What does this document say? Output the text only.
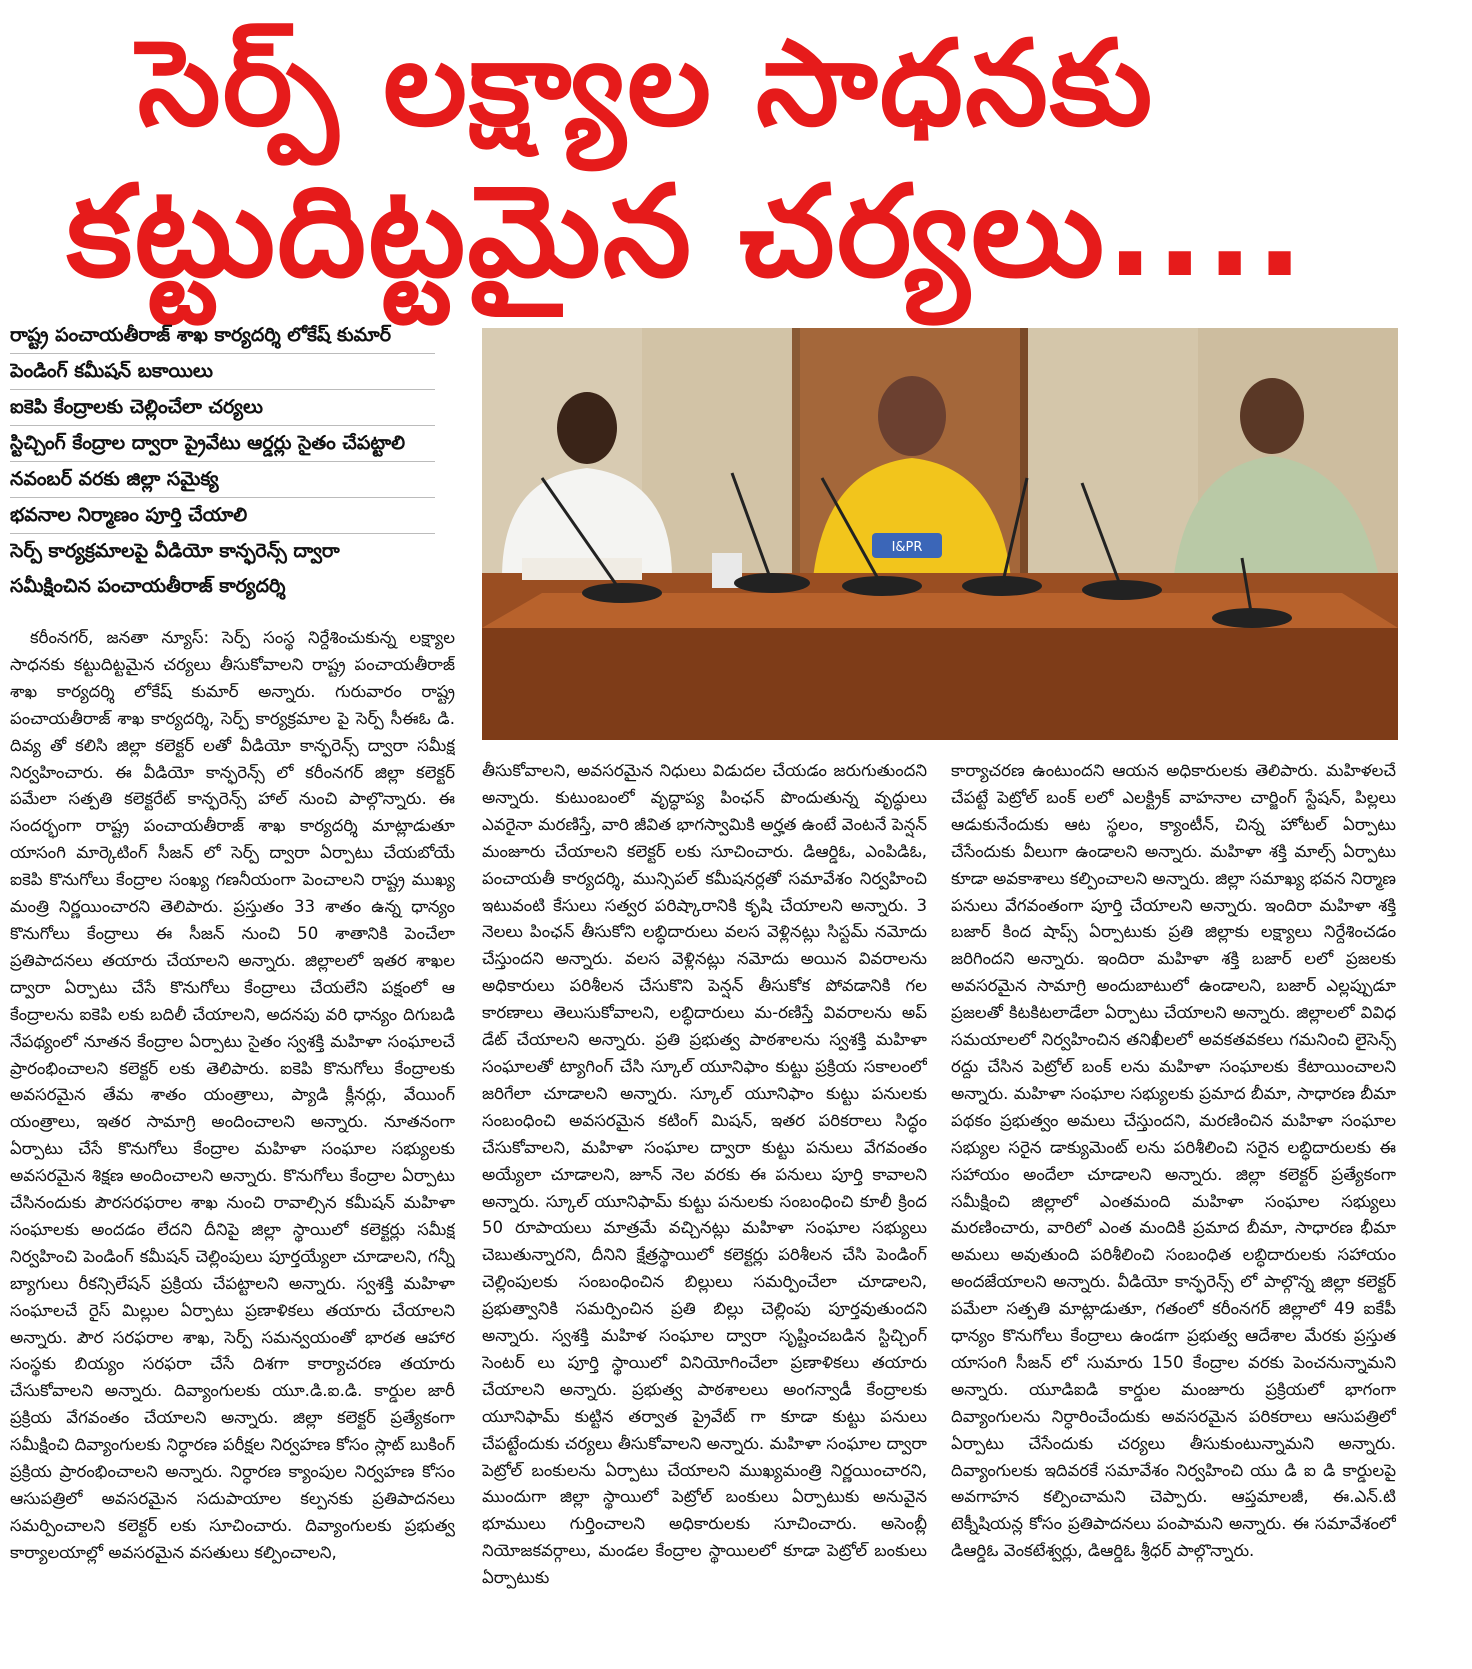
సెర్ప్ లక్ష్యాల సాధనకు
కట్టుదిట్టమైన చర్యలు....
రాష్ట్ర పంచాయతీరాజ్ శాఖ కార్యదర్శి లోకేష్ కుమార్
పెండింగ్ కమీషన్ బకాయిలు
ఐకెపి కేంద్రాలకు చెల్లించేలా చర్యలు
స్టిచ్చింగ్ కేంద్రాల ద్వారా ప్రైవేటు ఆర్డర్లు సైతం చేపట్టాలి
నవంబర్ వరకు జిల్లా సమైక్య
భవనాల నిర్మాణం పూర్తి చేయాలి
సెర్ప్ కార్యక్రమాలపై వీడియో కాన్ఫరెన్స్ ద్వారా
సమీక్షించిన పంచాయతీరాజ్ కార్యదర్శి
I&PR
కరీంనగర్, జనతా న్యూస్: సెర్ప్ సంస్థ నిర్దేశించుకున్న లక్ష్యాల సాధనకు కట్టుదిట్టమైన చర్యలు తీసుకోవాలని రాష్ట్ర పంచాయతీరాజ్ శాఖ కార్యదర్శి లోకేష్ కుమార్ అన్నారు. గురువారం రాష్ట్ర పంచాయతీరాజ్ శాఖ కార్యదర్శి, సెర్ప్ కార్యక్రమాల పై సెర్ప్ సీఈఓ డి. దివ్య తో కలిసి జిల్లా కలెక్టర్ లతో వీడియో కాన్ఫరెన్స్ ద్వారా సమీక్ష నిర్వహించారు. ఈ వీడియో కాన్ఫరెన్స్ లో కరీంనగర్ జిల్లా కలెక్టర్ పమేలా సత్పతి కలెక్టరేట్ కాన్ఫరెన్స్ హాల్ నుంచి పాల్గొన్నారు. ఈ సందర్భంగా రాష్ట్ర పంచాయతీరాజ్ శాఖ కార్యదర్శి మాట్లాడుతూ యాసంగి మార్కెటింగ్ సీజన్ లో సెర్ప్ ద్వారా ఏర్పాటు చేయబోయే ఐకెపి కొనుగోలు కేంద్రాల సంఖ్య గణనీయంగా పెంచాలని రాష్ట్ర ముఖ్య మంత్రి నిర్ణయించారని తెలిపారు. ప్రస్తుతం 33 శాతం ఉన్న ధాన్యం కొనుగోలు కేంద్రాలు ఈ సీజన్ నుంచి 50 శాతానికి పెంచేలా ప్రతిపాదనలు తయారు చేయాలని అన్నారు. జిల్లాలలో ఇతర శాఖల ద్వారా ఏర్పాటు చేసే కొనుగోలు కేంద్రాలు చేయలేని పక్షంలో ఆ కేంద్రాలను ఐకెపి లకు బదిలీ చేయాలని, అదనపు వరి ధాన్యం దిగుబడి నేపథ్యంలో నూతన కేంద్రాల ఏర్పాటు సైతం స్వశక్తి మహిళా సంఘాలచే ప్రారంభించాలని కలెక్టర్ లకు తెలిపారు. ఐకెపి కొనుగోలు కేంద్రాలకు అవసరమైన తేమ శాతం యంత్రాలు, ప్యాడి క్లీనర్లు, వేయింగ్ యంత్రాలు, ఇతర సామాగ్రి అందించాలని అన్నారు. నూతనంగా ఏర్పాటు చేసే కొనుగోలు కేంద్రాల మహిళా సంఘాల సభ్యులకు అవసరమైన శిక్షణ అందించాలని అన్నారు. కొనుగోలు కేంద్రాల ఏర్పాటు చేసినందుకు పౌరసరఫరాల శాఖ నుంచి రావాల్సిన కమీషన్ మహిళా సంఘాలకు అందడం లేదని దీనిపై జిల్లా స్థాయిలో కలెక్టర్లు సమీక్ష నిర్వహించి పెండింగ్ కమీషన్ చెల్లింపులు పూర్తయ్యేలా చూడాలని, గన్నీ బ్యాగులు రీకన్సిలేషన్ ప్రక్రియ చేపట్టాలని అన్నారు. స్వశక్తి మహిళా సంఘాలచే రైస్ మిల్లుల ఏర్పాటు ప్రణాళికలు తయారు చేయాలని అన్నారు. పౌర సరఫరాల శాఖ, సెర్ప్ సమన్వయంతో భారత ఆహార సంస్థకు బియ్యం సరఫరా చేసే దిశగా కార్యాచరణ తయారు చేసుకోవాలని అన్నారు. దివ్యాంగులకు యూ.డి.ఐ.డి. కార్డుల జారీ ప్రక్రియ వేగవంతం చేయాలని అన్నారు. జిల్లా కలెక్టర్ ప్రత్యేకంగా సమీక్షించి దివ్యాంగులకు నిర్ధారణ పరీక్షల నిర్వహణ కోసం స్లాట్ బుకింగ్ ప్రక్రియ ప్రారంభించాలని అన్నారు. నిర్ధారణ క్యాంపుల నిర్వహణ కోసం ఆసుపత్రిలో అవసరమైన సదుపాయాల కల్పనకు ప్రతిపాదనలు సమర్పించాలని కలెక్టర్ లకు సూచించారు. దివ్యాంగులకు ప్రభుత్వ కార్యాలయాల్లో అవసరమైన వసతులు కల్పించాలని,
తీసుకోవాలని, అవసరమైన నిధులు విడుదల చేయడం జరుగుతుందని అన్నారు. కుటుంబంలో వృద్ధాప్య పింఛన్ పొందుతున్న వృద్ధులు ఎవరైనా మరణిస్తే, వారి జీవిత భాగస్వామికి అర్హత ఉంటే వెంటనే పెన్షన్ మంజూరు చేయాలని కలెక్టర్ లకు సూచించారు. డిఆర్డిఓ, ఎంపిడిఓ, పంచాయతీ కార్యదర్శి, మున్సిపల్ కమీషనర్లతో సమావేశం నిర్వహించి ఇటువంటి కేసులు సత్వర పరిష్కారానికి కృషి చేయాలని అన్నారు. 3 నెలలు పింఛన్ తీసుకోని లబ్ధిదారులు వలస వెళ్లినట్లు సిస్టమ్ నమోదు చేస్తుందని అన్నారు. వలస వెళ్లినట్లు నమోదు అయిన వివరాలను అధికారులు పరిశీలన చేసుకొని పెన్షన్ తీసుకోక పోవడానికి గల కారణాలు తెలుసుకోవాలని, లబ్ధిదారులు మ-రణిస్తే వివరాలను అప్ డేట్ చేయాలని అన్నారు. ప్రతి ప్రభుత్వ పాఠశాలను స్వశక్తి మహిళా సంఘాలతో ట్యాగింగ్ చేసి స్కూల్ యూనిఫాం కుట్టు ప్రక్రియ సకాలంలో జరిగేలా చూడాలని అన్నారు. స్కూల్ యూనిఫాం కుట్టు పనులకు సంబంధించి అవసరమైన కటింగ్ మిషన్, ఇతర పరికరాలు సిద్ధం చేసుకోవాలని, మహిళా సంఘాల ద్వారా కుట్టు పనులు వేగవంతం అయ్యేలా చూడాలని, జూన్ నెల వరకు ఈ పనులు పూర్తి కావాలని అన్నారు. స్కూల్ యూనిఫామ్ కుట్టు పనులకు సంబంధించి కూలీ క్రింద 50 రూపాయలు మాత్రమే వచ్చినట్లు మహిళా సంఘాల సభ్యులు చెబుతున్నారని, దీనిని క్షేత్రస్థాయిలో కలెక్టర్లు పరిశీలన చేసి పెండింగ్ చెల్లింపులకు సంబంధించిన బిల్లులు సమర్పించేలా చూడాలని, ప్రభుత్వానికి సమర్పించిన ప్రతి బిల్లు చెల్లింపు పూర్తవుతుందని అన్నారు. స్వశక్తి మహిళ సంఘాల ద్వారా సృష్టించబడిన స్టిచ్చింగ్ సెంటర్ లు పూర్తి స్థాయిలో వినియోగించేలా ప్రణాళికలు తయారు చేయాలని అన్నారు. ప్రభుత్వ పాఠశాలలు అంగన్వాడీ కేంద్రాలకు యూనిఫామ్ కుట్టిన తర్వాత ప్రైవేట్ గా కూడా కుట్టు పనులు చేపట్టేందుకు చర్యలు తీసుకోవాలని అన్నారు. మహిళా సంఘాల ద్వారా పెట్రోల్ బంకులను ఏర్పాటు చేయాలని ముఖ్యమంత్రి నిర్ణయించారని, ముందుగా జిల్లా స్థాయిలో పెట్రోల్ బంకులు ఏర్పాటుకు అనువైన భూములు గుర్తించాలని అధికారులకు సూచించారు. అసెంబ్లీ నియోజకవర్గాలు, మండల కేంద్రాల స్థాయిలలో కూడా పెట్రోల్ బంకులు ఏర్పాటుకు
కార్యాచరణ ఉంటుందని ఆయన అధికారులకు తెలిపారు. మహిళలచే చేపట్టే పెట్రోల్ బంక్ లలో ఎలక్ట్రిక్ వాహనాల చార్జింగ్ స్టేషన్, పిల్లలు ఆడుకునేందుకు ఆట స్థలం, క్యాంటీన్, చిన్న హోటల్ ఏర్పాటు చేసేందుకు వీలుగా ఉండాలని అన్నారు. మహిళా శక్తి మాల్స్ ఏర్పాటు కూడా అవకాశాలు కల్పించాలని అన్నారు. జిల్లా సమాఖ్య భవన నిర్మాణ పనులు వేగవంతంగా పూర్తి చేయాలని అన్నారు. ఇందిరా మహిళా శక్తి బజార్ కింద షాప్స్ ఏర్పాటుకు ప్రతి జిల్లాకు లక్ష్యాలు నిర్దేశించడం జరిగిందని అన్నారు. ఇందిరా మహిళా శక్తి బజార్ లలో ప్రజలకు అవసరమైన సామాగ్రి అందుబాటులో ఉండాలని, బజార్ ఎల్లప్పుడూ ప్రజలతో కిటకిటలాడేలా ఏర్పాటు చేయాలని అన్నారు. జిల్లాలలో వివిధ సమయాలలో నిర్వహించిన తనిఖీలలో అవకతవకలు గమనించి లైసెన్స్ రద్దు చేసిన పెట్రోల్ బంక్ లను మహిళా సంఘాలకు కేటాయించాలని అన్నారు. మహిళా సంఘాల సభ్యులకు ప్రమాద బీమా, సాధారణ బీమా పథకం ప్రభుత్వం అమలు చేస్తుందని, మరణించిన మహిళా సంఘాల సభ్యుల సరైన డాక్యుమెంట్ లను పరిశీలించి సరైన లబ్ధిదారులకు ఈ సహాయం అందేలా చూడాలని అన్నారు. జిల్లా కలెక్టర్ ప్రత్యేకంగా సమీక్షించి జిల్లాలో ఎంతమంది మహిళా సంఘాల సభ్యులు మరణించారు, వారిలో ఎంత మందికి ప్రమాద బీమా, సాధారణ భీమా అమలు అవుతుంది పరిశీలించి సంబంధిత లబ్ధిదారులకు సహాయం అందజేయాలని అన్నారు. వీడియో కాన్ఫరెన్స్ లో పాల్గొన్న జిల్లా కలెక్టర్ పమేలా సత్పతి మాట్లాడుతూ, గతంలో కరీంనగర్ జిల్లాలో 49 ఐకేపీ ధాన్యం కొనుగోలు కేంద్రాలు ఉండగా ప్రభుత్వ ఆదేశాల మేరకు ప్రస్తుత యాసంగి సీజన్ లో సుమారు 150 కేంద్రాల వరకు పెంచనున్నామని అన్నారు. యూడిఐడి కార్డుల మంజూరు ప్రక్రియలో భాగంగా దివ్యాంగులను నిర్ధారించేందుకు అవసరమైన పరికరాలు ఆసుపత్రిలో ఏర్పాటు చేసేందుకు చర్యలు తీసుకుంటున్నామని అన్నారు. దివ్యాంగులకు ఇదివరకే సమావేశం నిర్వహించి యు డి ఐ డి కార్డులపై అవగాహన కల్పించామని చెప్పారు. ఆప్తమాలజీ, ఈ.ఎన్.టి టెక్నీషియన్ల కోసం ప్రతిపాదనలు పంపామని అన్నారు. ఈ సమావేశంలో డిఆర్డిఓ వెంకటేశ్వర్లు, డిఆర్డిఓ శ్రీధర్ పాల్గొన్నారు.
